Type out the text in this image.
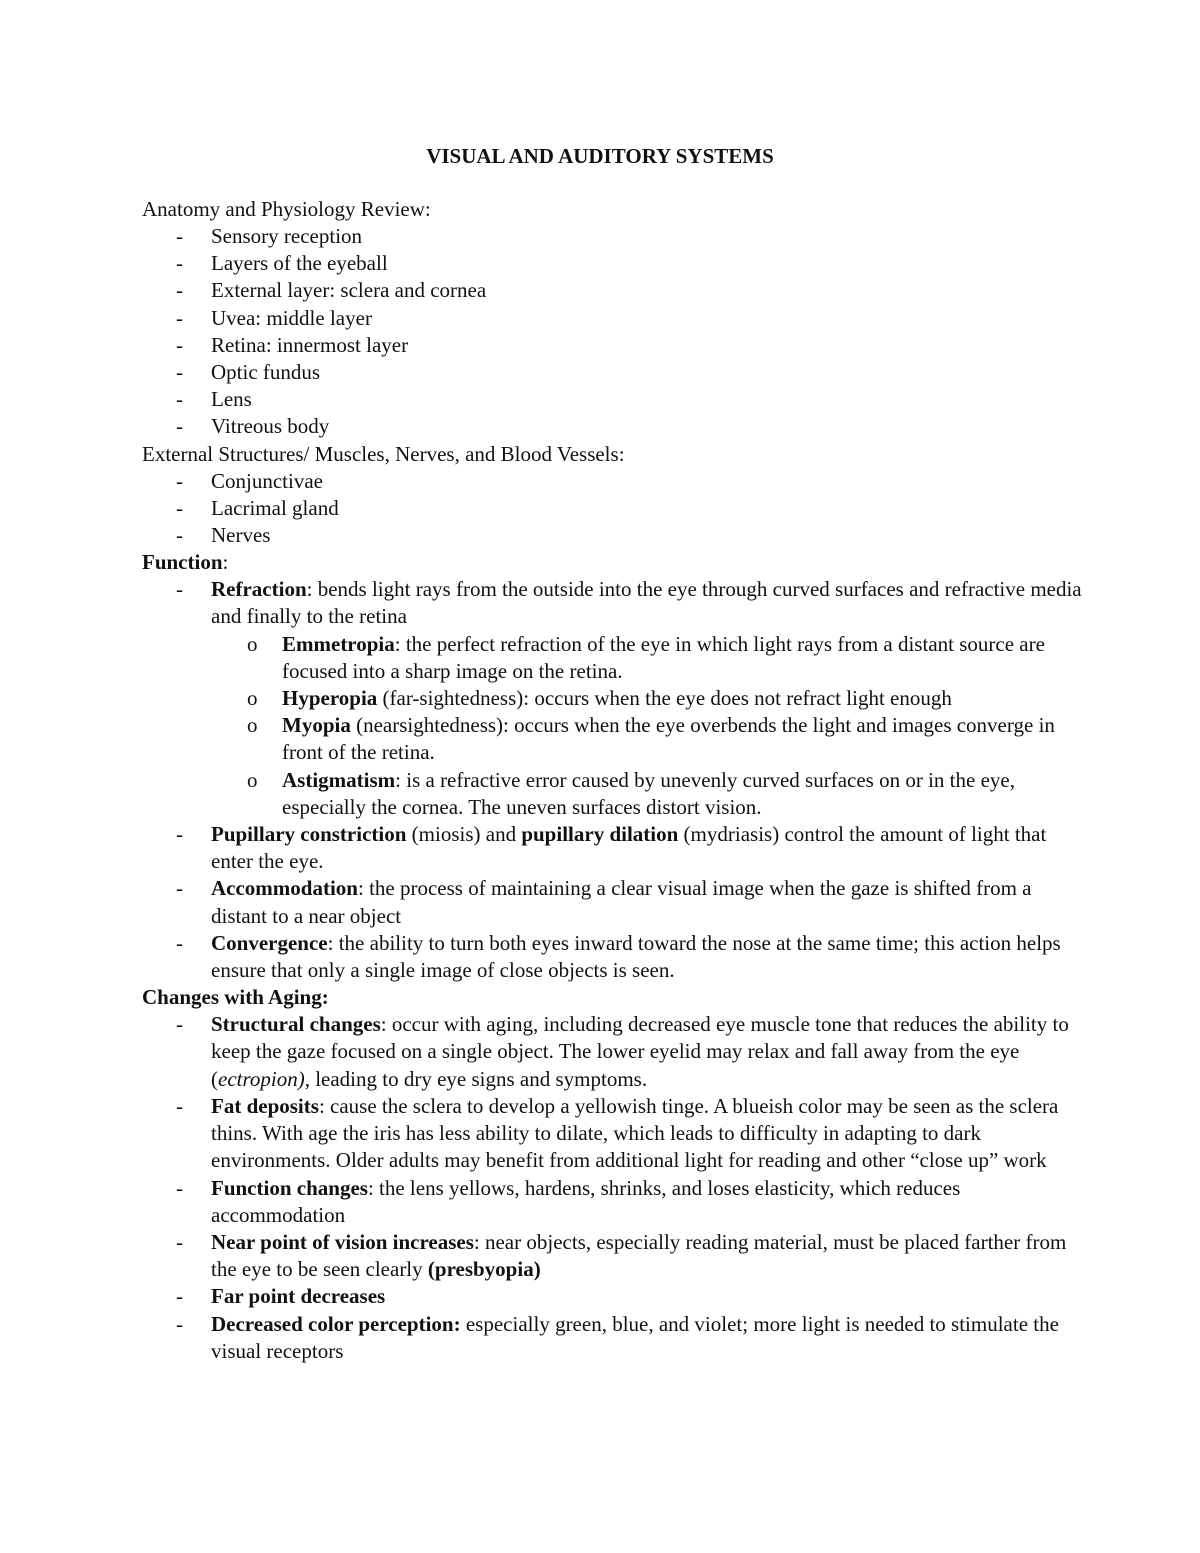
VISUAL AND AUDITORY SYSTEMS
Anatomy and Physiology Review:
- Sensory reception
- Layers of the eyeball
- External layer: sclera and cornea
- Uvea: middle layer
- Retina: innermost layer
- Optic fundus
- Lens
- Vitreous body
External Structures/ Muscles, Nerves, and Blood Vessels:
- Conjunctivae
- Lacrimal gland
- Nerves
Function:
- Refraction: bends light rays from the outside into the eye through curved surfaces and refractive media and finally to the retina
o Emmetropia: the perfect refraction of the eye in which light rays from a distant source are focused into a sharp image on the retina.
o Hyperopia (far-sightedness): occurs when the eye does not refract light enough
o Myopia (nearsightedness): occurs when the eye overbends the light and images converge in front of the retina.
o Astigmatism: is a refractive error caused by unevenly curved surfaces on or in the eye, especially the cornea. The uneven surfaces distort vision.
- Pupillary constriction (miosis) and pupillary dilation (mydriasis) control the amount of light that enter the eye.
- Accommodation: the process of maintaining a clear visual image when the gaze is shifted from a distant to a near object
- Convergence: the ability to turn both eyes inward toward the nose at the same time; this action helps ensure that only a single image of close objects is seen.
Changes with Aging:
- Structural changes: occur with aging, including decreased eye muscle tone that reduces the ability to keep the gaze focused on a single object. The lower eyelid may relax and fall away from the eye (ectropion), leading to dry eye signs and symptoms.
- Fat deposits: cause the sclera to develop a yellowish tinge. A blueish color may be seen as the sclera thins. With age the iris has less ability to dilate, which leads to difficulty in adapting to dark environments. Older adults may benefit from additional light for reading and other “close up” work
- Function changes: the lens yellows, hardens, shrinks, and loses elasticity, which reduces accommodation
- Near point of vision increases: near objects, especially reading material, must be placed farther from the eye to be seen clearly (presbyopia)
- Far point decreases
- Decreased color perception: especially green, blue, and violet; more light is needed to stimulate the visual receptors
